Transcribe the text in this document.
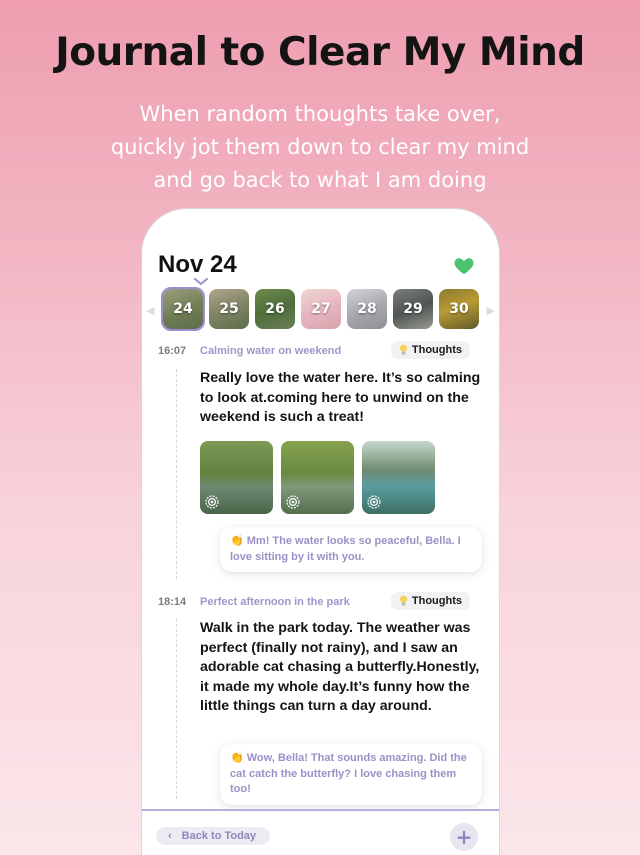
Journal to Clear My Mind
When random thoughts take over,
quickly jot them down to clear my mind
and go back to what I am doing
Nov 24
◀	▶
24 25 26 27 28 29 30
16:07	Calming water on weekend	Thoughts
Really love the water here. It’s so calming to look at.coming here to unwind on the weekend is such a treat!
👏 Mm! The water looks so peaceful, Bella. I love sitting by it with you.
18:14	Perfect afternoon in the park	Thoughts
Walk in the park today. The weather was perfect (finally not rainy), and I saw an adorable cat chasing a butterfly.Honestly, it made my whole day.It’s funny how the little things can turn a day around.
👏 Wow, Bella! That sounds amazing. Did the cat catch the butterfly? I love chasing them too!
‹ Back to Today	+
